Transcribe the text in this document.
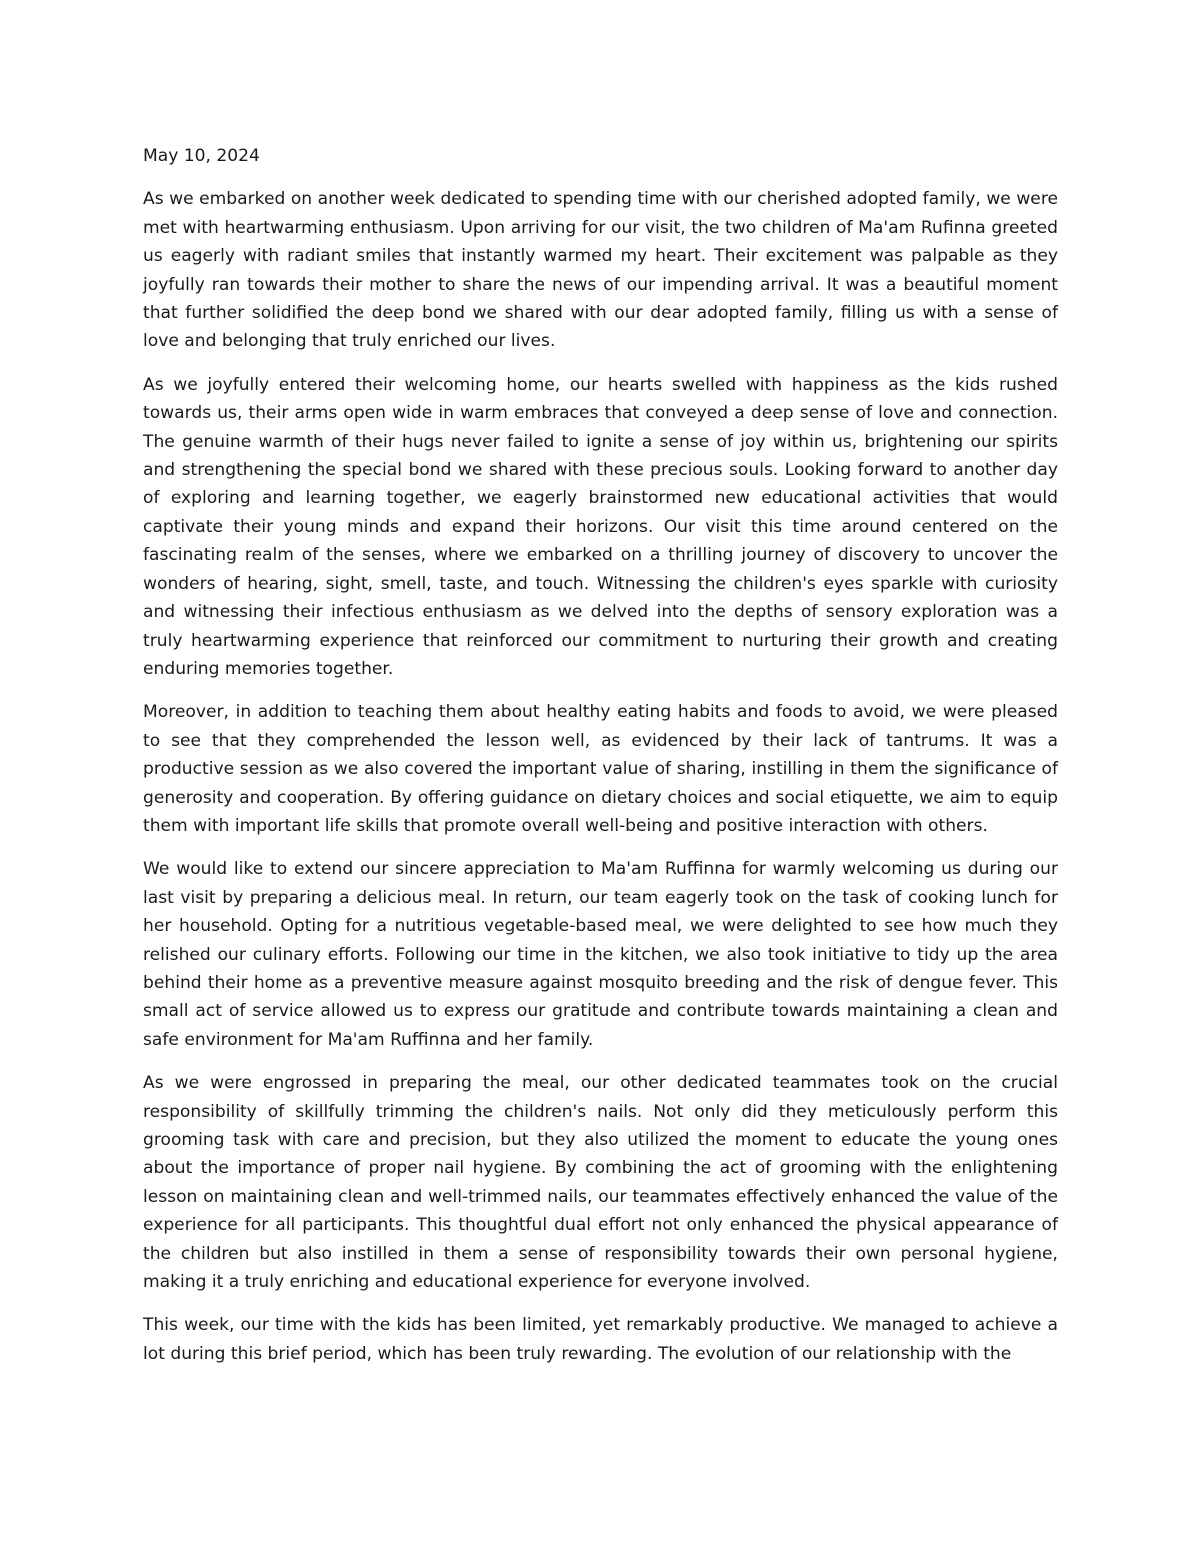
May 10, 2024

As we embarked on another week dedicated to spending time with our cherished adopted family, we were met with heartwarming enthusiasm. Upon arriving for our visit, the two children of Ma'am Rufinna greeted us eagerly with radiant smiles that instantly warmed my heart. Their excitement was palpable as they joyfully ran towards their mother to share the news of our impending arrival. It was a beautiful moment that further solidified the deep bond we shared with our dear adopted family, filling us with a sense of love and belonging that truly enriched our lives.

As we joyfully entered their welcoming home, our hearts swelled with happiness as the kids rushed towards us, their arms open wide in warm embraces that conveyed a deep sense of love and connection. The genuine warmth of their hugs never failed to ignite a sense of joy within us, brightening our spirits and strengthening the special bond we shared with these precious souls. Looking forward to another day of exploring and learning together, we eagerly brainstormed new educational activities that would captivate their young minds and expand their horizons. Our visit this time around centered on the fascinating realm of the senses, where we embarked on a thrilling journey of discovery to uncover the wonders of hearing, sight, smell, taste, and touch. Witnessing the children's eyes sparkle with curiosity and witnessing their infectious enthusiasm as we delved into the depths of sensory exploration was a truly heartwarming experience that reinforced our commitment to nurturing their growth and creating enduring memories together.

Moreover, in addition to teaching them about healthy eating habits and foods to avoid, we were pleased to see that they comprehended the lesson well, as evidenced by their lack of tantrums. It was a productive session as we also covered the important value of sharing, instilling in them the significance of generosity and cooperation. By offering guidance on dietary choices and social etiquette, we aim to equip them with important life skills that promote overall well-being and positive interaction with others.

We would like to extend our sincere appreciation to Ma'am Ruffinna for warmly welcoming us during our last visit by preparing a delicious meal. In return, our team eagerly took on the task of cooking lunch for her household. Opting for a nutritious vegetable-based meal, we were delighted to see how much they relished our culinary efforts. Following our time in the kitchen, we also took initiative to tidy up the area behind their home as a preventive measure against mosquito breeding and the risk of dengue fever. This small act of service allowed us to express our gratitude and contribute towards maintaining a clean and safe environment for Ma'am Ruffinna and her family.

As we were engrossed in preparing the meal, our other dedicated teammates took on the crucial responsibility of skillfully trimming the children's nails. Not only did they meticulously perform this grooming task with care and precision, but they also utilized the moment to educate the young ones about the importance of proper nail hygiene. By combining the act of grooming with the enlightening lesson on maintaining clean and well-trimmed nails, our teammates effectively enhanced the value of the experience for all participants. This thoughtful dual effort not only enhanced the physical appearance of the children but also instilled in them a sense of responsibility towards their own personal hygiene, making it a truly enriching and educational experience for everyone involved.

This week, our time with the kids has been limited, yet remarkably productive. We managed to achieve a lot during this brief period, which has been truly rewarding. The evolution of our relationship with the
